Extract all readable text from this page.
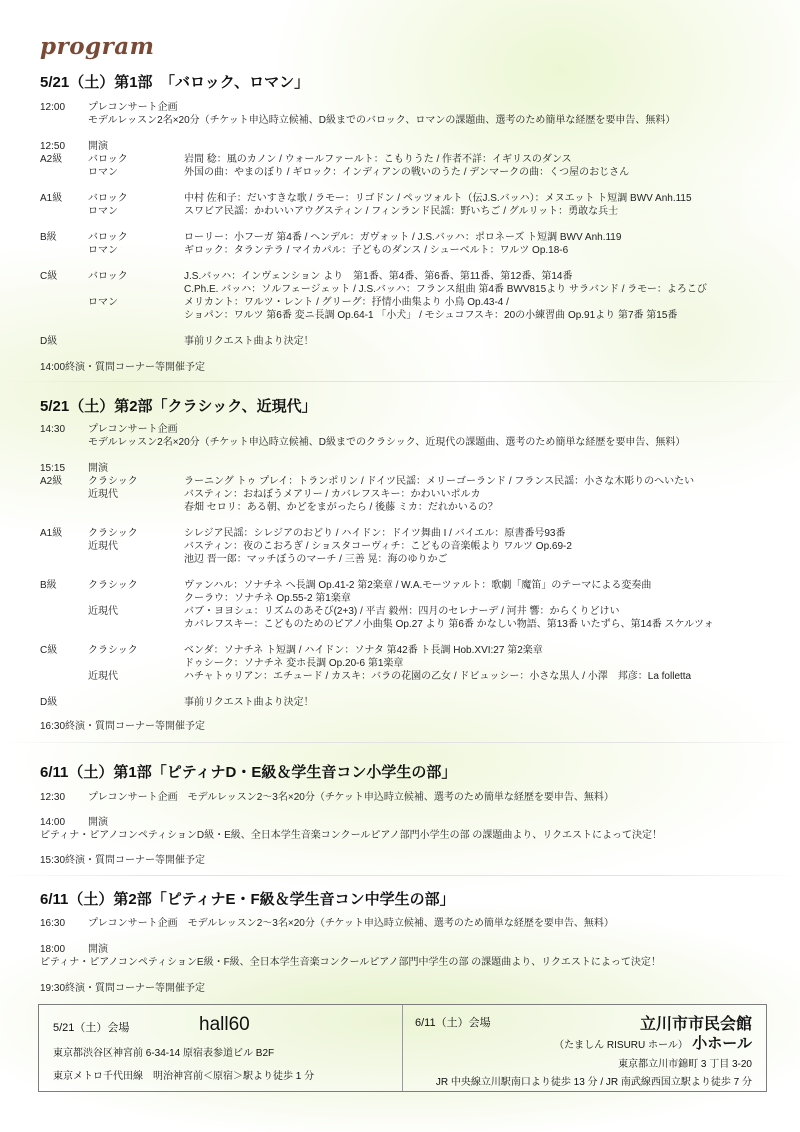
program
5/21（土）第1部　「バロック、ロマン」
12:00 プレコンサート企画
モデルレッスン2名×20分（チケット申込時立候補、D級までのバロック、ロマンの課題曲、選考のため簡単な経歴を要申告、無料）
12:50 開演
A2級	バロック	岩間 稔：風のカノン / ウォールファールト：こもりうた / 作者不詳：イギリスのダンス
ロマン	外国の曲：やまのぼり / ギロック：インディアンの戦いのうた / デンマークの曲：くつ屋のおじさん
A1級	バロック	中村 佐和子：だいすきな歌 / ラモー：リゴドン / ペッツォルト（伝J.S.バッハ）：メヌエット ト短調 BWV Anh.115
ロマン	スワビア民謡：かわいいアウグスティン / フィンランド民謡：野いちご / グルリット：勇敢な兵士
B級	バロック	ローリー：小フーガ 第4番 / ヘンデル：ガヴォット / J.S.バッハ：ポロネーズ ト短調 BWV Anh.119
ロマン	ギロック：タランテラ / マイカパル：子どものダンス / シューベルト：ワルツ Op.18-6
C級	バロック	J.S.バッハ：インヴェンション より　第1番、第4番、第6番、第11番、第12番、第14番
C.Ph.E. バッハ：ソルフェージェット / J.S.バッハ：フランス組曲 第4番 BWV815より サラバンド / ラモー：よろこび
ロマン	メリカント：ワルツ・レント / グリーグ：抒情小曲集より 小鳥 Op.43-4 /
ショパン：ワルツ 第6番 変ニ長調 Op.64-1 「小犬」 / モシュコフスキ：20の小練習曲 Op.91より 第7番 第15番
D級	事前リクエスト曲より決定！
14:00終演・質問コーナー等開催予定
5/21（土）第2部「クラシック、近現代」
14:30 プレコンサート企画
モデルレッスン2名×20分（チケット申込時立候補、D級までのクラシック、近現代の課題曲、選考のため簡単な経歴を要申告、無料）
15:15 開演
A2級	クラシック	ラーニング トゥ プレイ：トランポリン / ドイツ民謡：メリーゴーランド / フランス民謡：小さな木彫りのへいたい
近現代	バスティン：おねぼうメアリー / カバレフスキー：かわいいポルカ
春畑 セロリ：ある朝、かどをまがったら / 後藤 ミカ：だれかいるの？
A1級	クラシック	シレジア民謡：シレジアのおどり / ハイドン：ドイツ舞曲 I / バイエル：原書番号93番
近現代	バスティン：夜のこおろぎ / ショスタコーヴィチ：こどもの音楽帳より ワルツ Op.69-2
池辺 晋一郎：マッチぼうのマーチ / 三善 晃：海のゆりかご
B級	クラシック	ヴァンハル：ソナチネ へ長調 Op.41-2 第2楽章 / W.A.モーツァルト：歌劇「魔笛」のテーマによる変奏曲
クーラウ：ソナチネ Op.55-2 第1楽章
近現代	バブ・ヨヨシュ：リズムのあそび(2+3) / 平吉 毅州：四月のセレナーデ / 河井 響：からくりどけい
カバレフスキー：こどものためのピアノ小曲集 Op.27 より 第6番 かなしい物語、第13番 いたずら、第14番 スケルツォ
C級	クラシック	ベンダ：ソナチネ ト短調 / ハイドン：ソナタ 第42番 ト長調 Hob.XVI:27 第2楽章
ドゥシーク：ソナチネ 変ホ長調 Op.20-6 第1楽章
近現代	ハチャトゥリアン：エチュード / カスキ：バラの花園の乙女 / ドビュッシー：小さな黒人 / 小澤　邦彦：La folletta
D級	事前リクエスト曲より決定！
16:30終演・質問コーナー等開催予定
6/11（土）第1部「ピティナD・E級＆学生音コン小学生の部」
12:30 プレコンサート企画　モデルレッスン2～3名×20分（チケット申込時立候補、選考のため簡単な経歴を要申告、無料）
14:00 開演
ピティナ・ピアノコンペティションD級・E級、全日本学生音楽コンクールピアノ部門小学生の部 の課題曲より、リクエストによって決定！
15:30終演・質問コーナー等開催予定
6/11（土）第2部「ピティナE・F級＆学生音コン中学生の部」
16:30 プレコンサート企画　モデルレッスン2～3名×20分（チケット申込時立候補、選考のため簡単な経歴を要申告、無料）
18:00 開演
ピティナ・ピアノコンペティションE級・F級、全日本学生音楽コンクールピアノ部門中学生の部 の課題曲より、リクエストによって決定！
19:30終演・質問コーナー等開催予定
5/21（土）会場	hall60
東京都渋谷区神宮前 6-34-14 原宿表参道ビル B2F
東京メトロ千代田線　明治神宮前＜原宿＞駅より徒歩 1 分
6/11（土）会場	立川市市民会館
（たましん RISURU ホール） 小ホール
東京都立川市錦町 3 丁目 3-20
JR 中央線立川駅南口より徒歩 13 分 / JR 南武線西国立駅より徒歩 7 分
